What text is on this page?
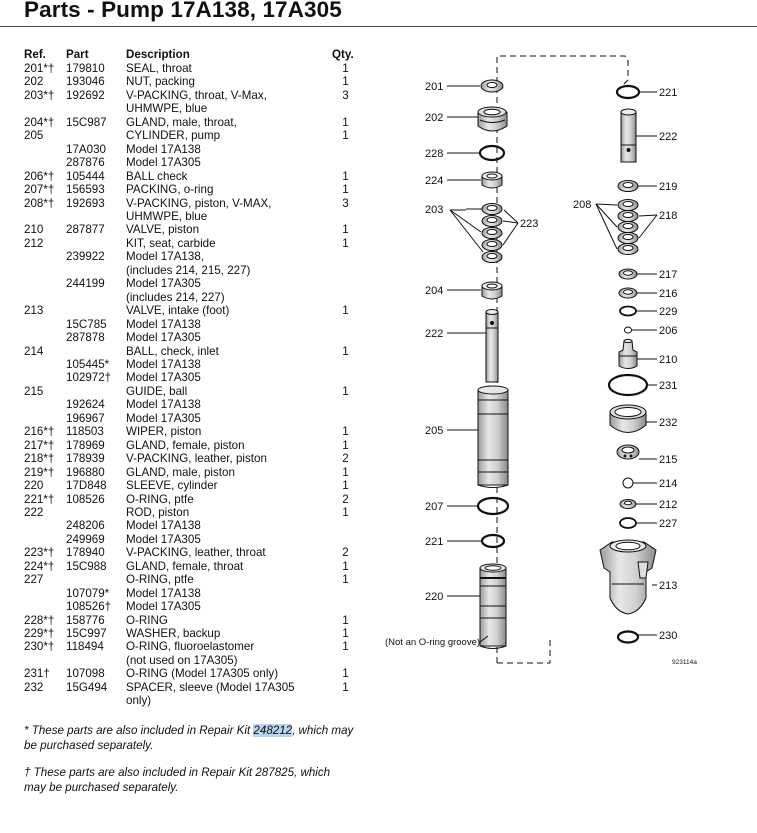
Parts - Pump 17A138, 17A305
Ref.	Part	Description	Qty.
201*†	179810	SEAL, throat	1
202	193046	NUT, packing	1
203*†	192692	V-PACKING, throat, V-Max,	3
		UHMWPE, blue	
204*†	15C987	GLAND, male, throat,	1
205		CYLINDER, pump	1
	17A030	Model 17A138	
	287876	Model 17A305	
206*†	105444	BALL check	1
207*†	156593	PACKING, o-ring	1
208*†	192693	V-PACKING, piston, V-MAX,	3
		UHMWPE, blue	
210	287877	VALVE, piston	1
212		KIT, seat, carbide	1
	239922	Model 17A138,	
		(includes 214, 215, 227)	
	244199	Model 17A305	
		(includes 214, 227)	
213		VALVE, intake (foot)	1
	15C785	Model 17A138	
	287878	Model 17A305	
214		BALL, check, inlet	1
	105445*	Model 17A138	
	102972†	Model 17A305	
215		GUIDE, ball	1
	192624	Model 17A138	
	196967	Model 17A305	
216*†	118503	WIPER, piston	1
217*†	178969	GLAND, female, piston	1
218*†	178939	V-PACKING, leather, piston	2
219*†	196880	GLAND, male, piston	1
220	17D848	SLEEVE, cylinder	1
221*†	108526	O-RING, ptfe	2
222		ROD, piston	1
	248206	Model 17A138	
	249969	Model 17A305	
223*†	178940	V-PACKING, leather, throat	2
224*†	15C988	GLAND, female, throat	1
227		O-RING, ptfe	1
	107079*	Model 17A138	
	108526†	Model 17A305	
228*†	158776	O-RING	1
229*†	15C997	WASHER, backup	1
230*†	118494	O-RING, fluoroelastomer	1
		(not used on 17A305)	
231†	107098	O-RING (Model 17A305 only)	1
232	15G494	SPACER, sleeve (Model 17A305	1
		only)	

* These parts are also included in Repair Kit 248212, which may be purchased separately.

† These parts are also included in Repair Kit 287825, which may be purchased separately.

201
202
228
224
203
223
204
222
205
207
221
220
(Not an O-ring groove)
221
222
219
208
218
217
216
229
206
210
231
232
215
214
212
227
213
230
923114a
